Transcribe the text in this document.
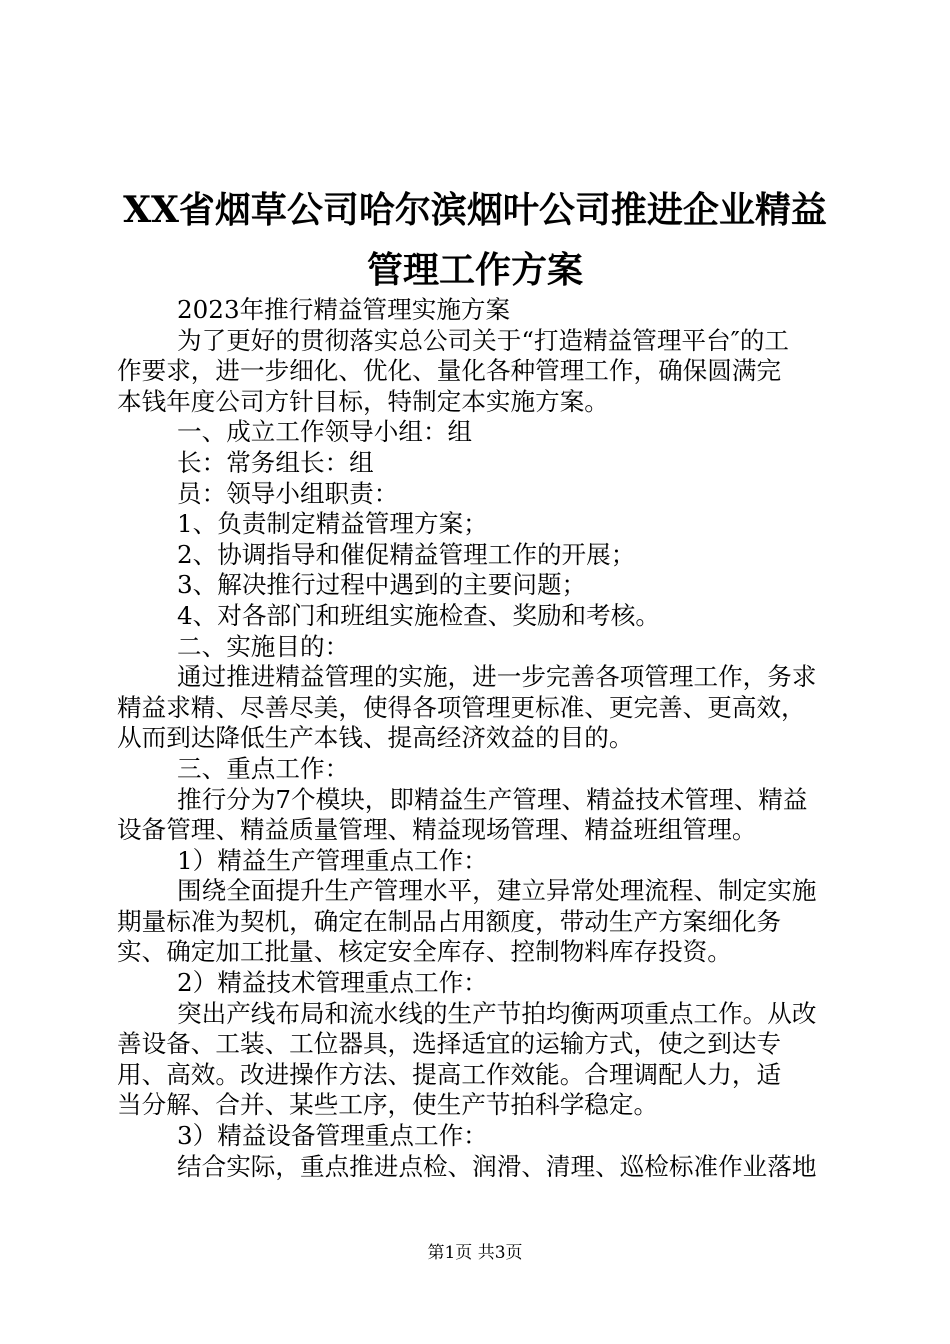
XX省烟草公司哈尔滨烟叶公司推进企业精益
管理工作方案
2023年推行精益管理实施方案
为了更好的贯彻落实总公司关于“打造精益管理平台″的工
作要求，进一步细化、优化、量化各种管理工作，确保圆满完
本钱年度公司方针目标，特制定本实施方案。
一、成立工作领导小组：组
长：常务组长：组
员：领导小组职责：
1、负责制定精益管理方案；
2、协调指导和催促精益管理工作的开展；
3、解决推行过程中遇到的主要问题；
4、对各部门和班组实施检查、奖励和考核。
二、实施目的：
通过推进精益管理的实施，进一步完善各项管理工作，务求
精益求精、尽善尽美，使得各项管理更标准、更完善、更高效，
从而到达降低生产本钱、提高经济效益的目的。
三、重点工作：
推行分为7个模块，即精益生产管理、精益技术管理、精益
设备管理、精益质量管理、精益现场管理、精益班组管理。
1）精益生产管理重点工作：
围绕全面提升生产管理水平，建立异常处理流程、制定实施
期量标准为契机，确定在制品占用额度，带动生产方案细化务
实、确定加工批量、核定安全库存、控制物料库存投资。
2）精益技术管理重点工作：
突出产线布局和流水线的生产节拍均衡两项重点工作。从改
善设备、工装、工位器具，选择适宜的运输方式，使之到达专
用、高效。改进操作方法、提高工作效能。合理调配人力，适
当分解、合并、某些工序，使生产节拍科学稳定。
3）精益设备管理重点工作：
结合实际，重点推进点检、润滑、清理、巡检标准作业落地
第1页 共3页
